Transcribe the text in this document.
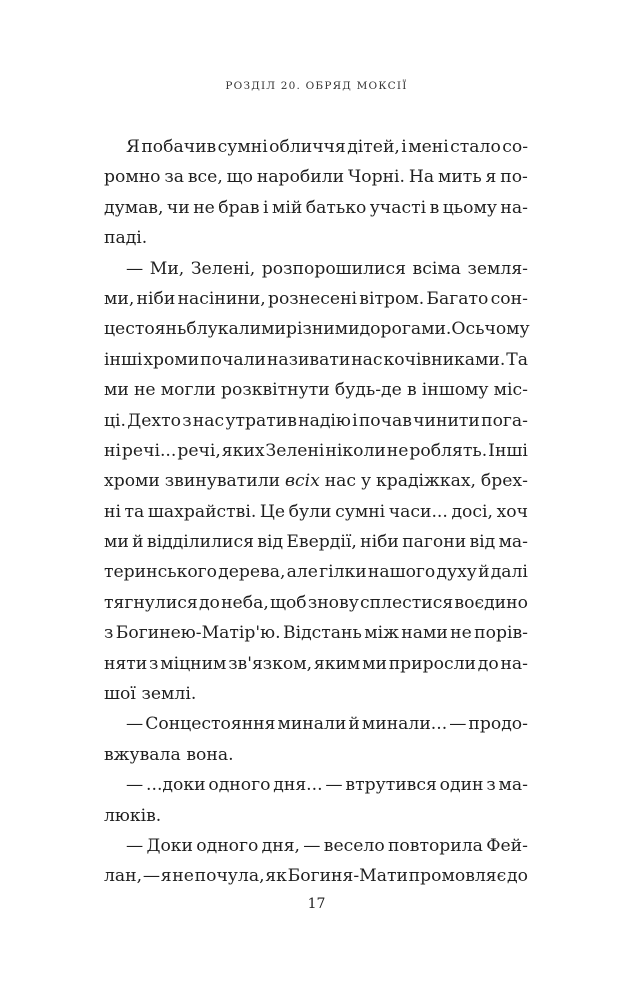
РОЗДІЛ 20. ОБРЯД МОКСІЇ
Я побачив сумні обличчя дітей, і мені стало со-
ромно за все, що наробили Чорні. На мить я по-
думав, чи не брав і мій батько участі в цьому на-
паді.
— Ми, Зелені, розпорошилися всіма земля-
ми, ніби насінини, рознесені вітром. Багато сон-
цестоянь блукали ми різними дорогами. Ось чому
інші хроми почали називати нас кочівниками. Та
ми не могли розквітнути будь-де в іншому міс-
ці. Дехто з нас утратив надію і почав чинити пога-
ні речі... речі, яких Зелені ніколи не роблять. Інші
хроми звинуватили всіх нас у крадіжках, брех-
ні та шахрайстві. Це були сумні часи... досі, хоч
ми й відділилися від Евердії, ніби пагони від ма-
теринського дерева, але гілки нашого духу й далі
тягнулися до неба, щоб знову сплестися воєдино
з Богинею-Матір'ю. Відстань між нами не порів-
няти з міцним зв'язком, яким ми приросли до на-
шої землі.
— Сонцестояння минали й минали... — продо-
вжувала вона.
— ...доки одного дня... — втрутився один з ма-
люків.
— Доки одного дня, — весело повторила Фей-
лан, — я не почула, як Богиня-Мати промовляє до
17
